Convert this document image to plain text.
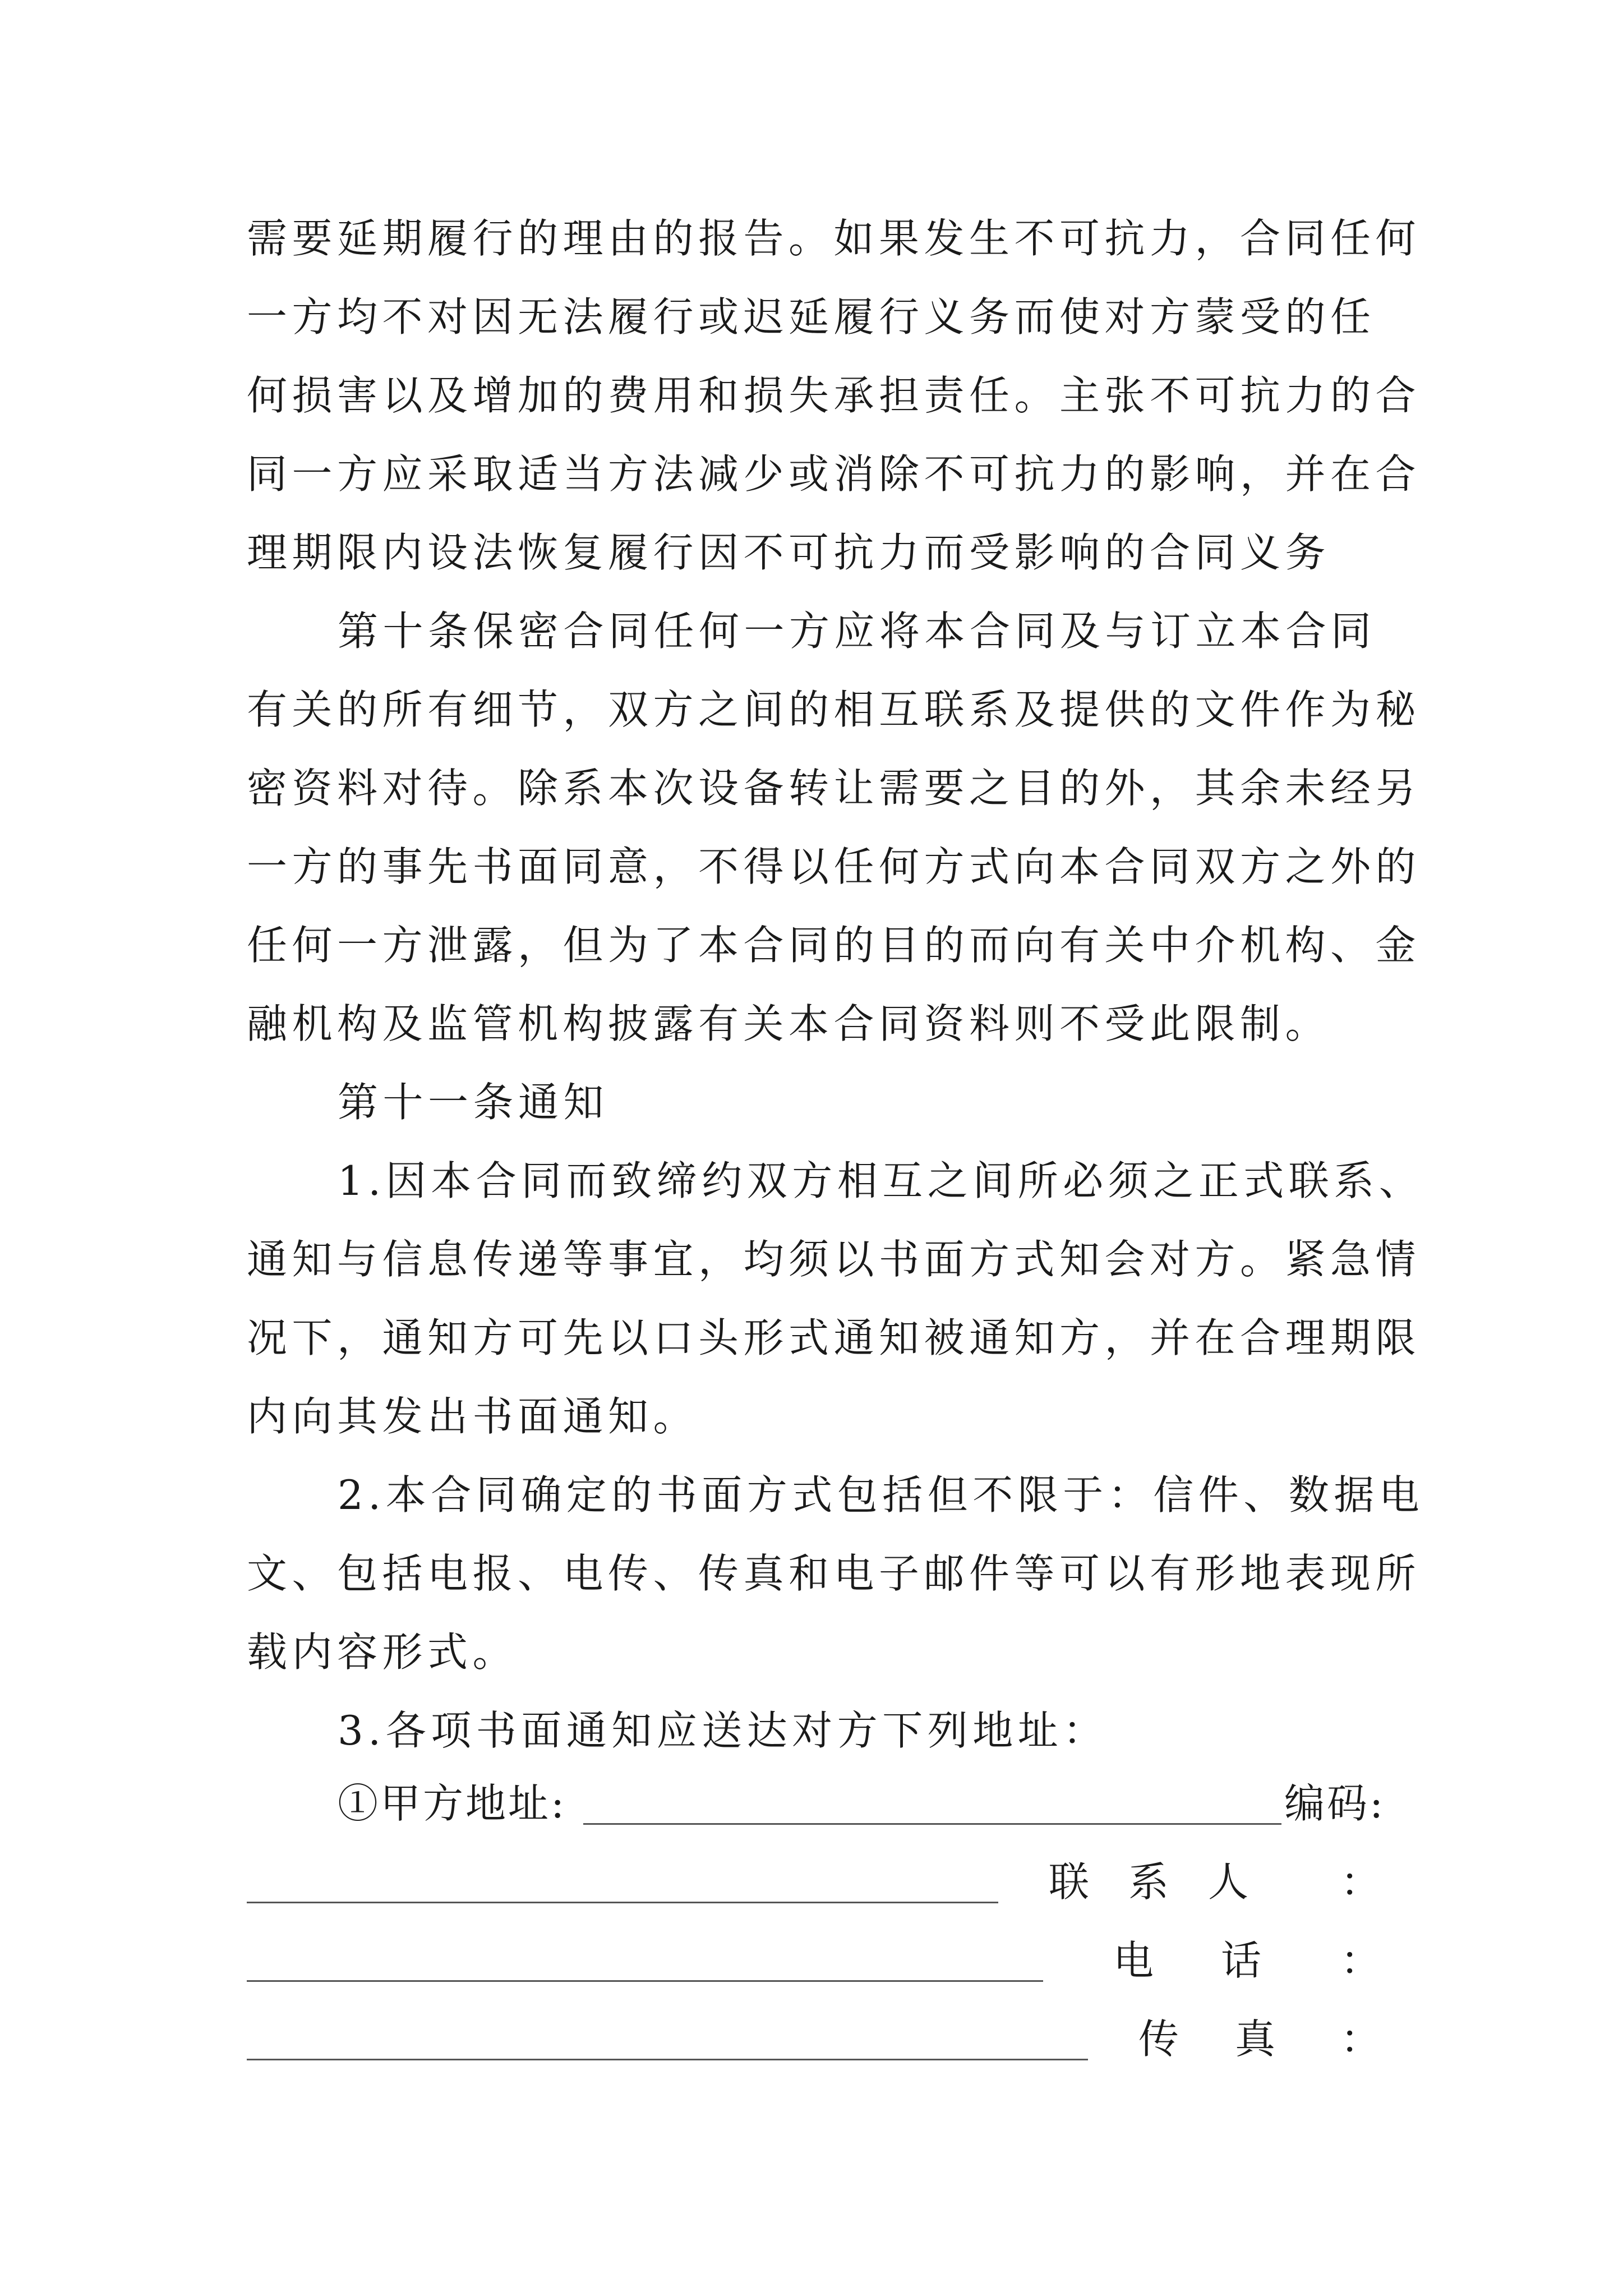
需要延期履行的理由的报告。如果发生不可抗力，合同任何
一方均不对因无法履行或迟延履行义务而使对方蒙受的任
何损害以及增加的费用和损失承担责任。主张不可抗力的合
同一方应采取适当方法减少或消除不可抗力的影响，并在合
理期限内设法恢复履行因不可抗力而受影响的合同义务
第十条保密合同任何一方应将本合同及与订立本合同
有关的所有细节，双方之间的相互联系及提供的文件作为秘
密资料对待。除系本次设备转让需要之目的外，其余未经另
一方的事先书面同意，不得以任何方式向本合同双方之外的
任何一方泄露，但为了本合同的目的而向有关中介机构、金
融机构及监管机构披露有关本合同资料则不受此限制。
第十一条通知
1.因本合同而致缔约双方相互之间所必须之正式联系、
通知与信息传递等事宜，均须以书面方式知会对方。紧急情
况下，通知方可先以口头形式通知被通知方，并在合理期限
内向其发出书面通知。
2.本合同确定的书面方式包括但不限于：信件、数据电
文、包括电报、电传、传真和电子邮件等可以有形地表现所
载内容形式。
3.各项书面通知应送达对方下列地址：
①甲方地址:	编码:
联系人 ：
电话 ：
传真 ：
